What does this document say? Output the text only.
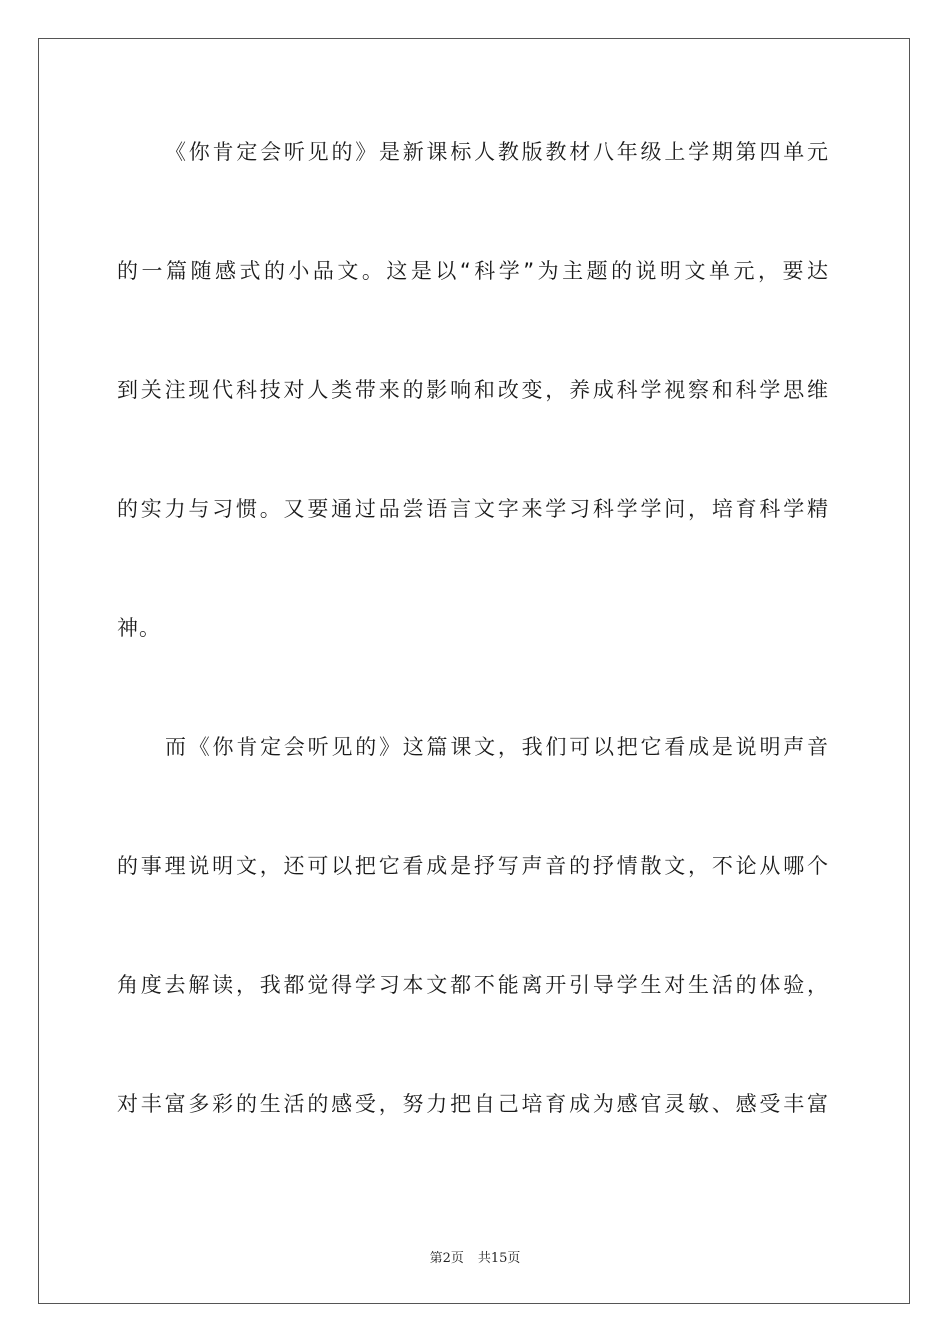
《你肯定会听见的》是新课标人教版教材八年级上学期第四单元
的一篇随感式的小品文。这是以“科学”为主题的说明文单元，要达
到关注现代科技对人类带来的影响和改变，养成科学视察和科学思维
的实力与习惯。又要通过品尝语言文字来学习科学学问，培育科学精
神。
而《你肯定会听见的》这篇课文，我们可以把它看成是说明声音
的事理说明文，还可以把它看成是抒写声音的抒情散文，不论从哪个
角度去解读，我都觉得学习本文都不能离开引导学生对生活的体验，
对丰富多彩的生活的感受，努力把自己培育成为感官灵敏、感受丰富
第2页 共15页
